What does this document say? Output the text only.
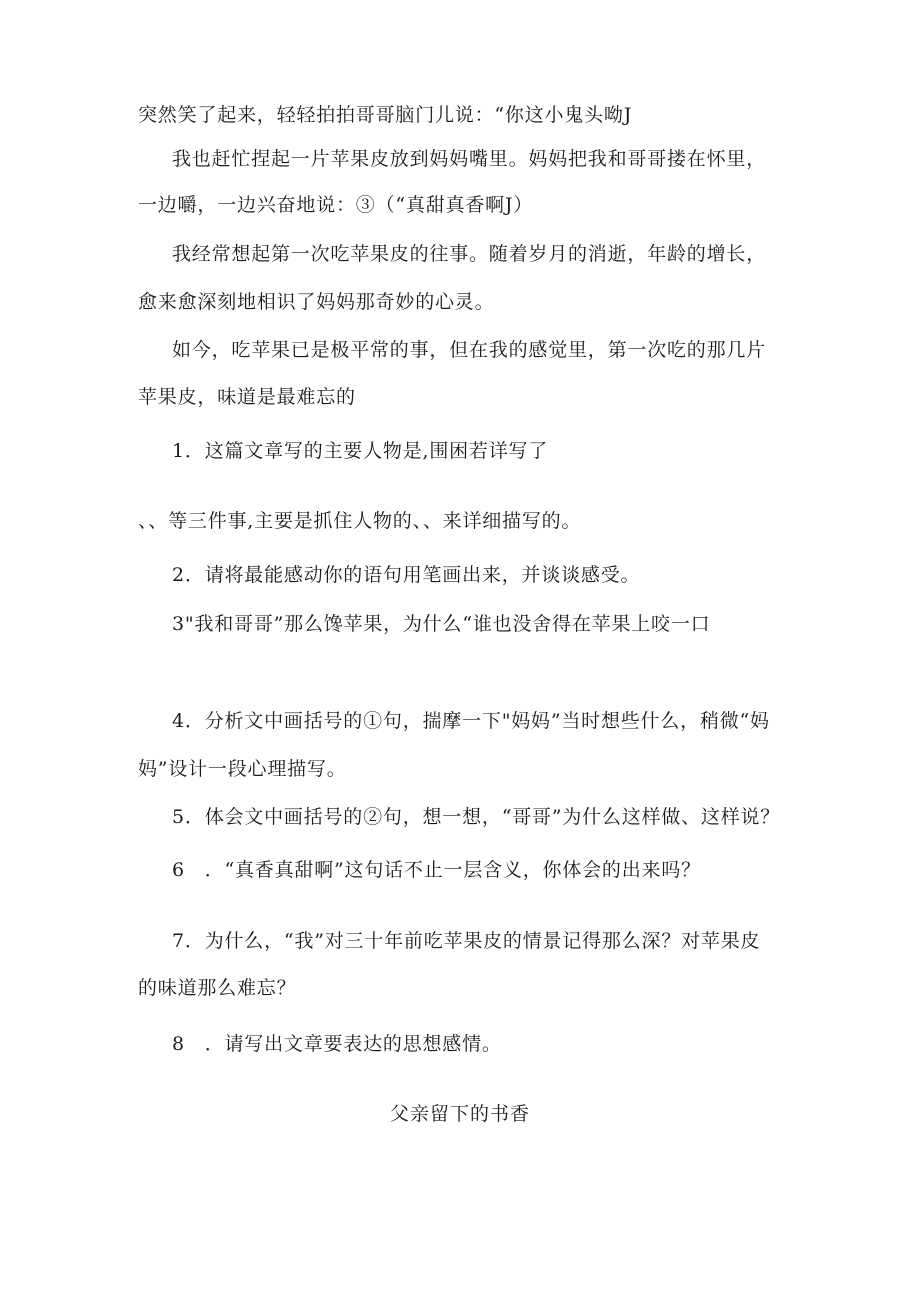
突然笑了起来，轻轻拍拍哥哥脑门儿说：“你这小鬼头呦J
我也赶忙捏起一片苹果皮放到妈妈嘴里。妈妈把我和哥哥搂在怀里，
一边嚼，一边兴奋地说：③（“真甜真香啊J）
我经常想起第一次吃苹果皮的往事。随着岁月的消逝，年龄的增长，
愈来愈深刻地相识了妈妈那奇妙的心灵。
如今，吃苹果已是极平常的事，但在我的感觉里，第一次吃的那几片
苹果皮，味道是最难忘的
1．这篇文章写的主要人物是,围困若详写了
、、等三件事,主要是抓住人物的、、来详细描写的。
2．请将最能感动你的语句用笔画出来，并谈谈感受。
3"我和哥哥”那么馋苹果，为什么“谁也没舍得在苹果上咬一口
4．分析文中画括号的①句，揣摩一下"妈妈”当时想些什么，稍微“妈
妈”设计一段心理描写。
5．体会文中画括号的②句，想一想，“哥哥”为什么这样做、这样说？
6　．“真香真甜啊”这句话不止一层含义，你体会的出来吗？
7．为什么，“我”对三十年前吃苹果皮的情景记得那么深？对苹果皮
的味道那么难忘？
8　．请写出文章要表达的思想感情。
父亲留下的书香
